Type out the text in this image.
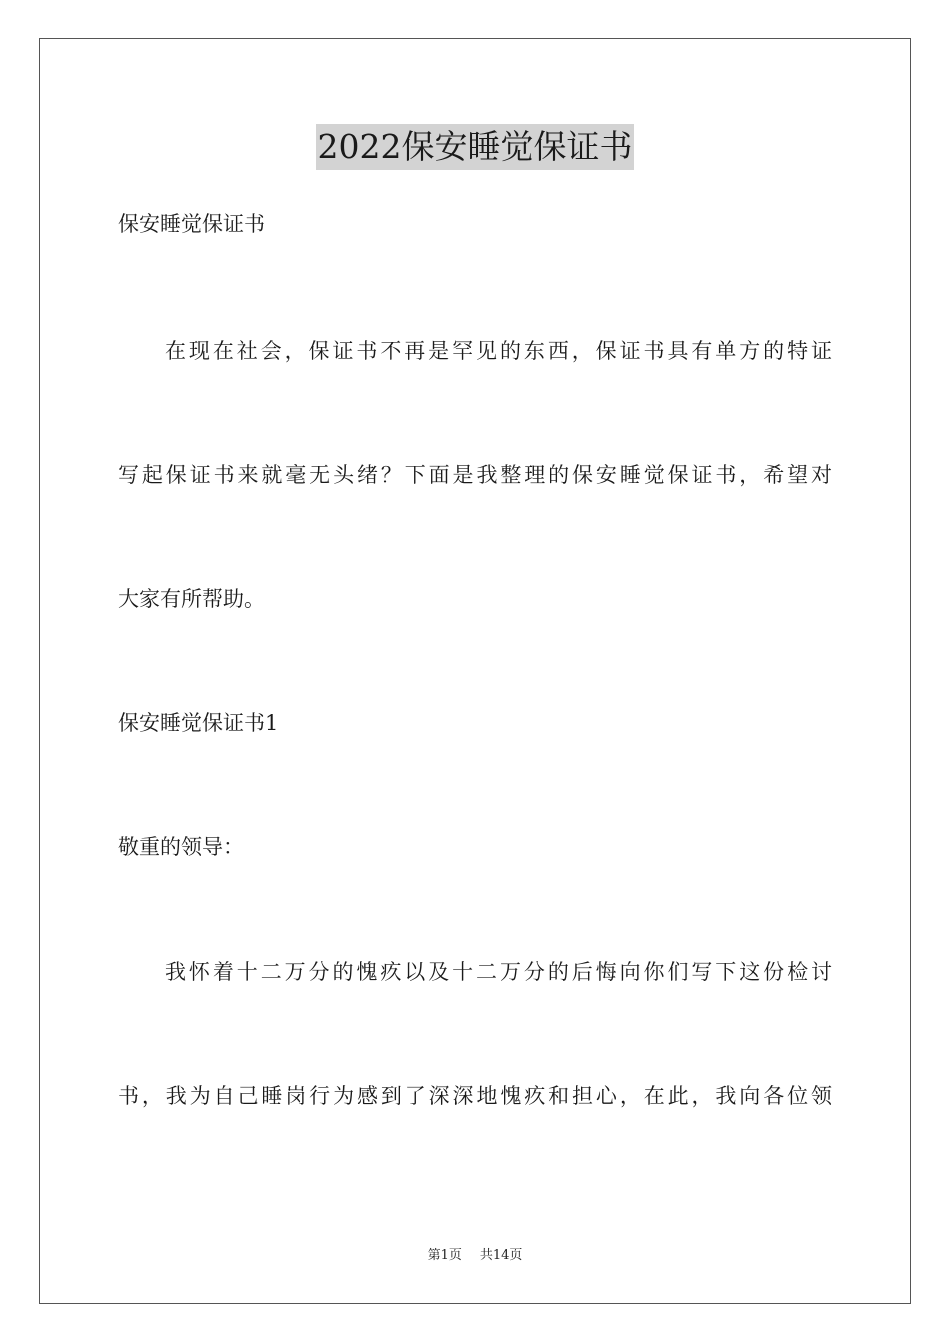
2022保安睡觉保证书
保安睡觉保证书
在现在社会，保证书不再是罕见的东西，保证书具有单方的特证
写起保证书来就毫无头绪？下面是我整理的保安睡觉保证书，希望对
大家有所帮助。
保安睡觉保证书1
敬重的领导：
我怀着十二万分的愧疚以及十二万分的后悔向你们写下这份检讨
书，我为自己睡岗行为感到了深深地愧疚和担心，在此，我向各位领
第1页 共14页
